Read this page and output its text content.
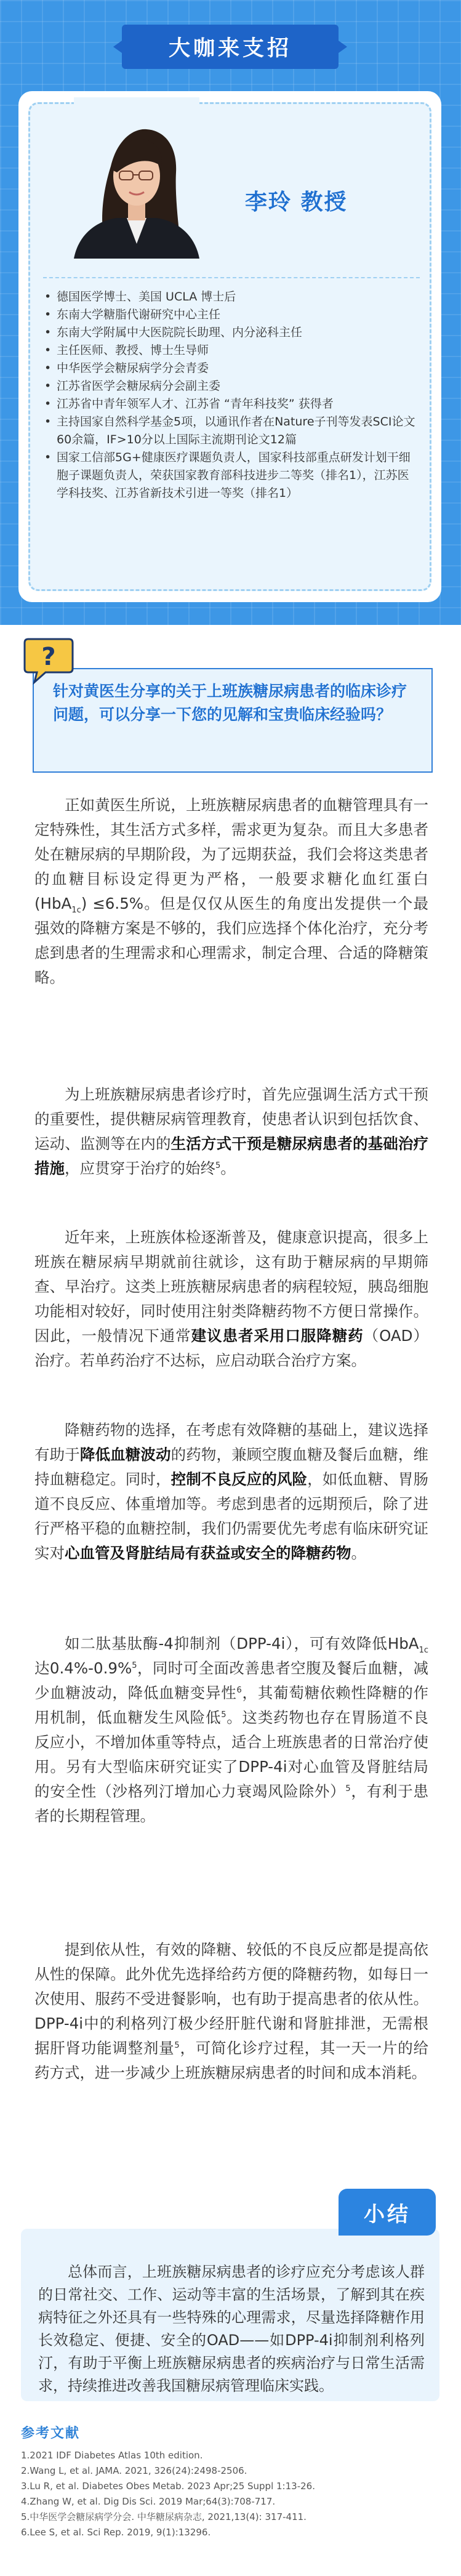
大咖来支招
李玲 教授
• 德国医学博士、美国 UCLA 博士后
• 东南大学糖脂代谢研究中心主任
• 东南大学附属中大医院院长助理、内分泌科主任
• 主任医师、教授、博士生导师
• 中华医学会糖尿病学分会青委
• 江苏省医学会糖尿病分会副主委
• 江苏省中青年领军人才、江苏省 “青年科技奖” 获得者
• 主持国家自然科学基金5项，以通讯作者在Nature子刊等发表SCI论文60余篇，IF>10分以上国际主流期刊论文12篇
• 国家工信部5G+健康医疗课题负责人，国家科技部重点研发计划干细胞子课题负责人，荣获国家教育部科技进步二等奖（排名1），江苏医学科技奖、江苏省新技术引进一等奖（排名1）
?
针对黄医生分享的关于上班族糖尿病患者的临床诊疗问题，可以分享一下您的见解和宝贵临床经验吗？

正如黄医生所说，上班族糖尿病患者的血糖管理具有一定特殊性，其生活方式多样，需求更为复杂。而且大多患者处在糖尿病的早期阶段，为了远期获益，我们会将这类患者的血糖目标设定得更为严格，一般要求糖化血红蛋白 (HbA$_{1c}$) ≤6.5%。但是仅仅从医生的角度出发提供一个最强效的降糖方案是不够的，我们应选择个体化治疗，充分考虑到患者的生理需求和心理需求，制定合理、合适的降糖策略。

为上班族糖尿病患者诊疗时，首先应强调生活方式干预的重要性，提供糖尿病管理教育，使患者认识到包括饮食、运动、监测等在内的生活方式干预是糖尿病患者的基础治疗措施，应贯穿于治疗的始终$^5$。

近年来，上班族体检逐渐普及，健康意识提高，很多上班族在糖尿病早期就前往就诊，这有助于糖尿病的早期筛查、早治疗。这类上班族糖尿病患者的病程较短，胰岛细胞功能相对较好，同时使用注射类降糖药物不方便日常操作。因此，一般情况下通常建议患者采用口服降糖药（OAD）治疗。若单药治疗不达标，应启动联合治疗方案。

降糖药物的选择，在考虑有效降糖的基础上，建议选择有助于降低血糖波动的药物，兼顾空腹血糖及餐后血糖，维持血糖稳定。同时，控制不良反应的风险，如低血糖、胃肠道不良反应、体重增加等。考虑到患者的远期预后，除了进行严格平稳的血糖控制，我们仍需要优先考虑有临床研究证实对心血管及肾脏结局有获益或安全的降糖药物。

如二肽基肽酶-4抑制剂（DPP-4i），可有效降低HbA$_{1c}$达0.4%-0.9%$^5$，同时可全面改善患者空腹及餐后血糖，减少血糖波动，降低血糖变异性$^6$，其葡萄糖依赖性降糖的作用机制，低血糖发生风险低$^5$。这类药物也存在胃肠道不良反应小，不增加体重等特点，适合上班族患者的日常治疗使用。另有大型临床研究证实了DPP-4i对心血管及肾脏结局的安全性（沙格列汀增加心力衰竭风险除外）$^5$，有利于患者的长期程管理。

提到依从性，有效的降糖、较低的不良反应都是提高依从性的保障。此外优先选择给药方便的降糖药物，如每日一次使用、服药不受进餐影响，也有助于提高患者的依从性。DPP-4i中的利格列汀极少经肝脏代谢和肾脏排泄，无需根据肝肾功能调整剂量$^5$，可简化诊疗过程，其一天一片的给药方式，进一步减少上班族糖尿病患者的时间和成本消耗。

小结
总体而言，上班族糖尿病患者的诊疗应充分考虑该人群的日常社交、工作、运动等丰富的生活场景，了解到其在疾病特征之外还具有一些特殊的心理需求，尽量选择降糖作用长效稳定、便捷、安全的OAD——如DPP-4i抑制剂利格列汀，有助于平衡上班族糖尿病患者的疾病治疗与日常生活需求，持续推进改善我国糖尿病管理临床实践。
参考文献
1.2021 IDF Diabetes Atlas 10th edition.
2.Wang L, et al. JAMA. 2021, 326(24):2498-2506.
3.Lu R, et al. Diabetes Obes Metab. 2023 Apr;25 Suppl 1:13-26.
4.Zhang W, et al. Dig Dis Sci. 2019 Mar;64(3):708-717.
5.中华医学会糖尿病学分会. 中华糖尿病杂志, 2021,13(4): 317-411.
6.Lee S, et al. Sci Rep. 2019, 9(1):13296.
